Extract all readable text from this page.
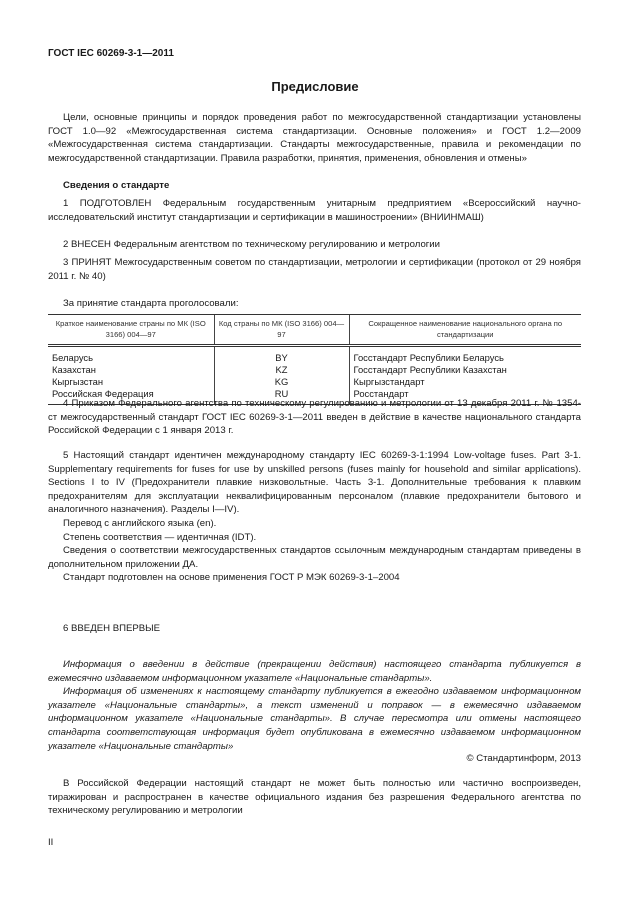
ГОСТ IEC 60269-3-1—2011
Предисловие

Цели, основные принципы и порядок проведения работ по межгосударственной стандартизации установлены ГОСТ 1.0—92 «Межгосударственная система стандартизации. Основные положения» и ГОСТ 1.2—2009 «Межгосударственная система стандартизации. Стандарты межгосударственные, правила и рекомендации по межгосударственной стандартизации. Правила разработки, принятия, применения, обновления и отмены»

Сведения о стандарте

1 ПОДГОТОВЛЕН Федеральным государственным унитарным предприятием «Всероссийский научно-исследовательский институт стандартизации и сертификации в машиностроении» (ВНИИНМАШ)

2 ВНЕСЕН Федеральным агентством по техническому регулированию и метрологии

3 ПРИНЯТ Межгосударственным советом по стандартизации, метрологии и сертификации (протокол от 29 ноября 2011 г. № 40)

За принятие стандарта проголосовали:

Краткое наименование страны по МК (ISO 3166) 004—97	Код страны по МК (ISO 3166) 004—97	Сокращенное наименование национального органа по стандартизации
Беларусь	BY	Госстандарт Республики Беларусь
Казахстан	KZ	Госстандарт Республики Казахстан
Кыргызстан	KG	Кыргызстандарт
Российская Федерация	RU	Росстандарт

4 Приказом Федерального агентства по техническому регулированию и метрологии от 13 декабря 2011 г. № 1354-ст межгосударственный стандарт ГОСТ IEC 60269-3-1—2011 введен в действие в качестве национального стандарта Российской Федерации с 1 января 2013 г.

5 Настоящий стандарт идентичен международному стандарту IEC 60269-3-1:1994 Low-voltage fuses. Part 3-1. Supplementary requirements for fuses for use by unskilled persons (fuses mainly for household and similar applications). Sections I to IV (Предохранители плавкие низковольтные. Часть 3-1. Дополнительные требования к плавким предохранителям для эксплуатации неквалифицированным персоналом (плавкие предохранители бытового и аналогичного назначения). Разделы I—IV).

Перевод с английского языка (en).

Степень соответствия — идентичная (IDT).

Сведения о соответствии межгосударственных стандартов ссылочным международным стандартам приведены в дополнительном приложении ДА.

Стандарт подготовлен на основе применения ГОСТ Р МЭК 60269-3-1–2004

6 ВВЕДЕН ВПЕРВЫЕ

Информация о введении в действие (прекращении действия) настоящего стандарта публикуется в ежемесячно издаваемом информационном указателе «Национальные стандарты».

Информация об изменениях к настоящему стандарту публикуется в ежегодно издаваемом информационном указателе «Национальные стандарты», а текст изменений и поправок — в ежемесячно издаваемом информационном указателе «Национальные стандарты». В случае пересмотра или отмены настоящего стандарта соответствующая информация будет опубликована в ежемесячно издаваемом информационном указателе «Национальные стандарты»

© Стандартинформ, 2013

В Российской Федерации настоящий стандарт не может быть полностью или частично воспроизведен, тиражирован и распространен в качестве официального издания без разрешения Федерального агентства по техническому регулированию и метрологии

II
